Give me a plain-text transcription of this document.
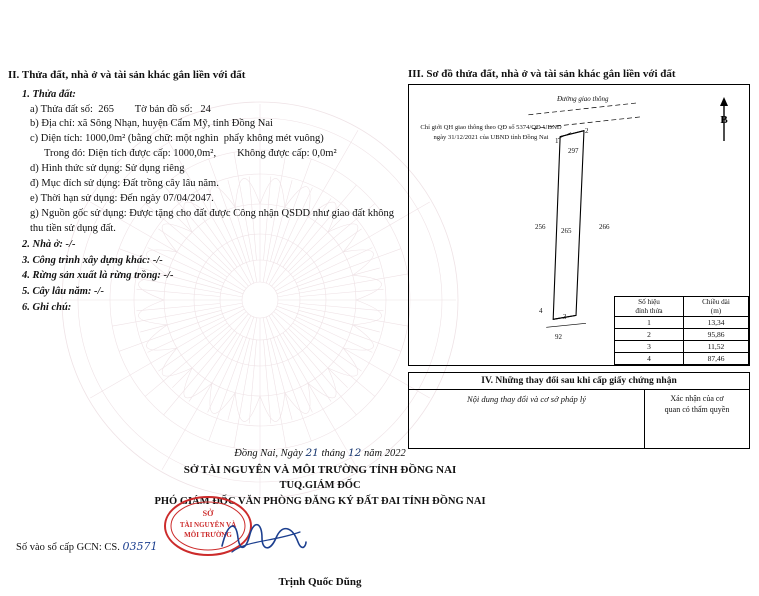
II. Thửa đất, nhà ở và tài sản khác gắn liền với đất
1. Thửa đất:
a) Thửa đất số:  265        Tờ bản đồ số:   24
b) Địa chỉ: xã Sông Nhạn, huyện Cẩm Mỹ, tỉnh Đồng Nai
c) Diện tích: 1000,0m² (bằng chữ: một nghìn  phẩy không mét vuông)
Trong đó: Diện tích được cấp: 1000,0m²,        Không được cấp: 0,0m²
d) Hình thức sử dụng: Sử dụng riêng
đ) Mục đích sử dụng: Đất trồng cây lâu năm.
e) Thời hạn sử dụng: Đến ngày 07/04/2047.
g) Nguồn gốc sử dụng: Được tặng cho đất được Công nhận QSDD như giao đất không thu tiền sử dụng đất.
2. Nhà ở: -/-
3. Công trình xây dựng khác: -/-
4. Rừng sản xuất là rừng trồng: -/-
5. Cây lâu năm: -/-
6. Ghi chú:
III. Sơ đồ thửa đất, nhà ở và tài sản khác gắn liền với đất
Đường giao thông
Chỉ giới QH giao thông theo QĐ số 5374/QĐ-UBND ngày 31/12/2021 của UBND tỉnh Đồng Nai
B
1
2
297
256 265	266
4
3
92
Số hiệu
đỉnh thửa

Chiều dài
(m)

1	13,34
2	95,86
3	11,52
4	87,46
IV. Những thay đổi sau khi cấp giấy chứng nhận
Nội dung thay đổi và cơ sở pháp lý	Xác nhận của cơ
quan có thẩm quyền
Đồng Nai, Ngày 21 tháng 12 năm 2022
SỞ TÀI NGUYÊN VÀ MÔI TRƯỜNG TỈNH ĐỒNG NAI
TUQ.GIÁM ĐỐC
PHÓ GIÁM ĐỐC VĂN PHÒNG ĐĂNG KÝ ĐẤT ĐAI TỈNH ĐỒNG NAI
Trịnh Quốc Dũng
SỞ
TÀI NGUYÊN VÀ
MÔI TRƯỜNG
Số vào sổ cấp GCN: CS. 03571
